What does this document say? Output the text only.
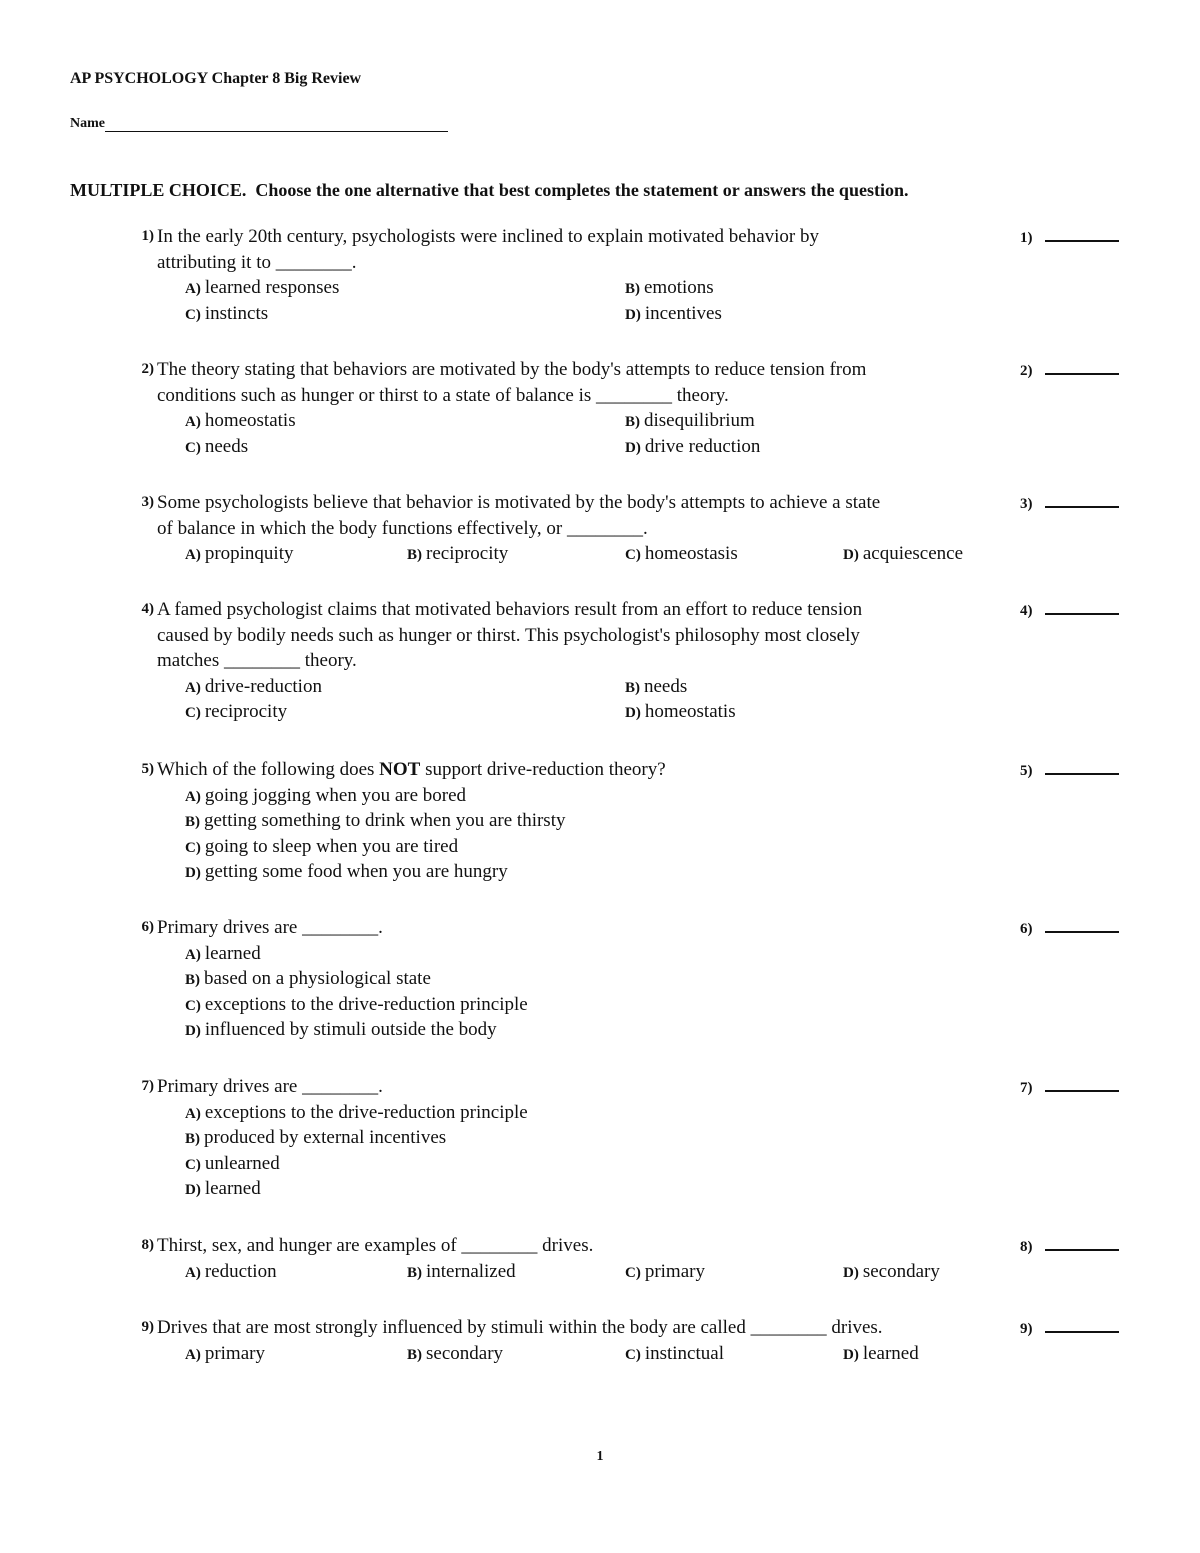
AP PSYCHOLOGY Chapter 8 Big Review
Name
MULTIPLE CHOICE. Choose the one alternative that best completes the statement or answers the question.
1) In the early 20th century, psychologists were inclined to explain motivated behavior by
attributing it to ________.
A) learned responses	B) emotions
C) instincts	D) incentives
1)
2) The theory stating that behaviors are motivated by the body's attempts to reduce tension from
conditions such as hunger or thirst to a state of balance is ________ theory.
A) homeostatis	B) disequilibrium
C) needs	D) drive reduction
2)
3) Some psychologists believe that behavior is motivated by the body's attempts to achieve a state
of balance in which the body functions effectively, or ________.
A) propinquity	B) reciprocity	C) homeostasis	D) acquiescence
3)
4) A famed psychologist claims that motivated behaviors result from an effort to reduce tension
caused by bodily needs such as hunger or thirst. This psychologist's philosophy most closely
matches ________ theory.
A) drive-reduction	B) needs
C) reciprocity	D) homeostatis
4)
5) Which of the following does NOT support drive-reduction theory?
A) going jogging when you are bored
B) getting something to drink when you are thirsty
C) going to sleep when you are tired
D) getting some food when you are hungry
5)
6) Primary drives are ________.
A) learned
B) based on a physiological state
C) exceptions to the drive-reduction principle
D) influenced by stimuli outside the body
6)
7) Primary drives are ________.
A) exceptions to the drive-reduction principle
B) produced by external incentives
C) unlearned
D) learned
7)
8) Thirst, sex, and hunger are examples of ________ drives.
A) reduction	B) internalized	C) primary	D) secondary
8)
9) Drives that are most strongly influenced by stimuli within the body are called ________ drives.
A) primary	B) secondary	C) instinctual	D) learned
9)
1
